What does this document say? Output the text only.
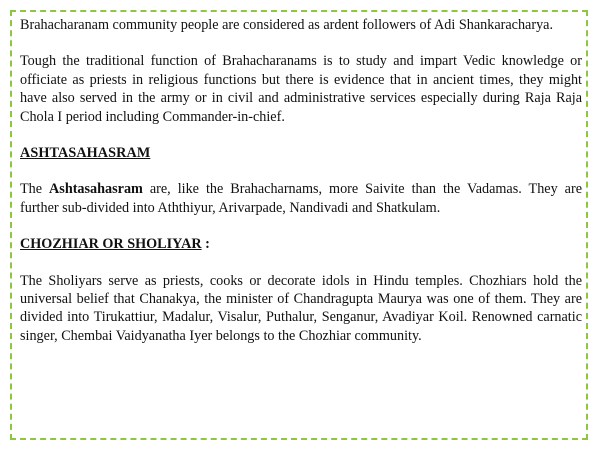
Brahacharanam community people are considered as ardent followers of Adi Shankaracharya.

Tough the traditional function of Brahacharanams is to study and impart Vedic knowledge or officiate as priests in religious functions but there is evidence that in ancient times, they might have also served in the army or in civil and administrative services especially during Raja Raja Chola I period including Commander-in-chief.

ASHTASAHASRAM

The Ashtasahasram are, like the Brahacharnams, more Saivite than the Vadamas. They are further sub-divided into Aththiyur, Arivarpade, Nandivadi and Shatkulam.

CHOZHIAR OR SHOLIYAR :

The Sholiyars serve as priests, cooks or decorate idols in Hindu temples. Chozhiars hold the universal belief that Chanakya, the minister of Chandragupta Maurya was one of them. They are divided into Tirukattiur, Madalur, Visalur, Puthalur, Senganur, Avadiyar Koil. Renowned carnatic singer, Chembai Vaidyanatha Iyer belongs to the Chozhiar community.
